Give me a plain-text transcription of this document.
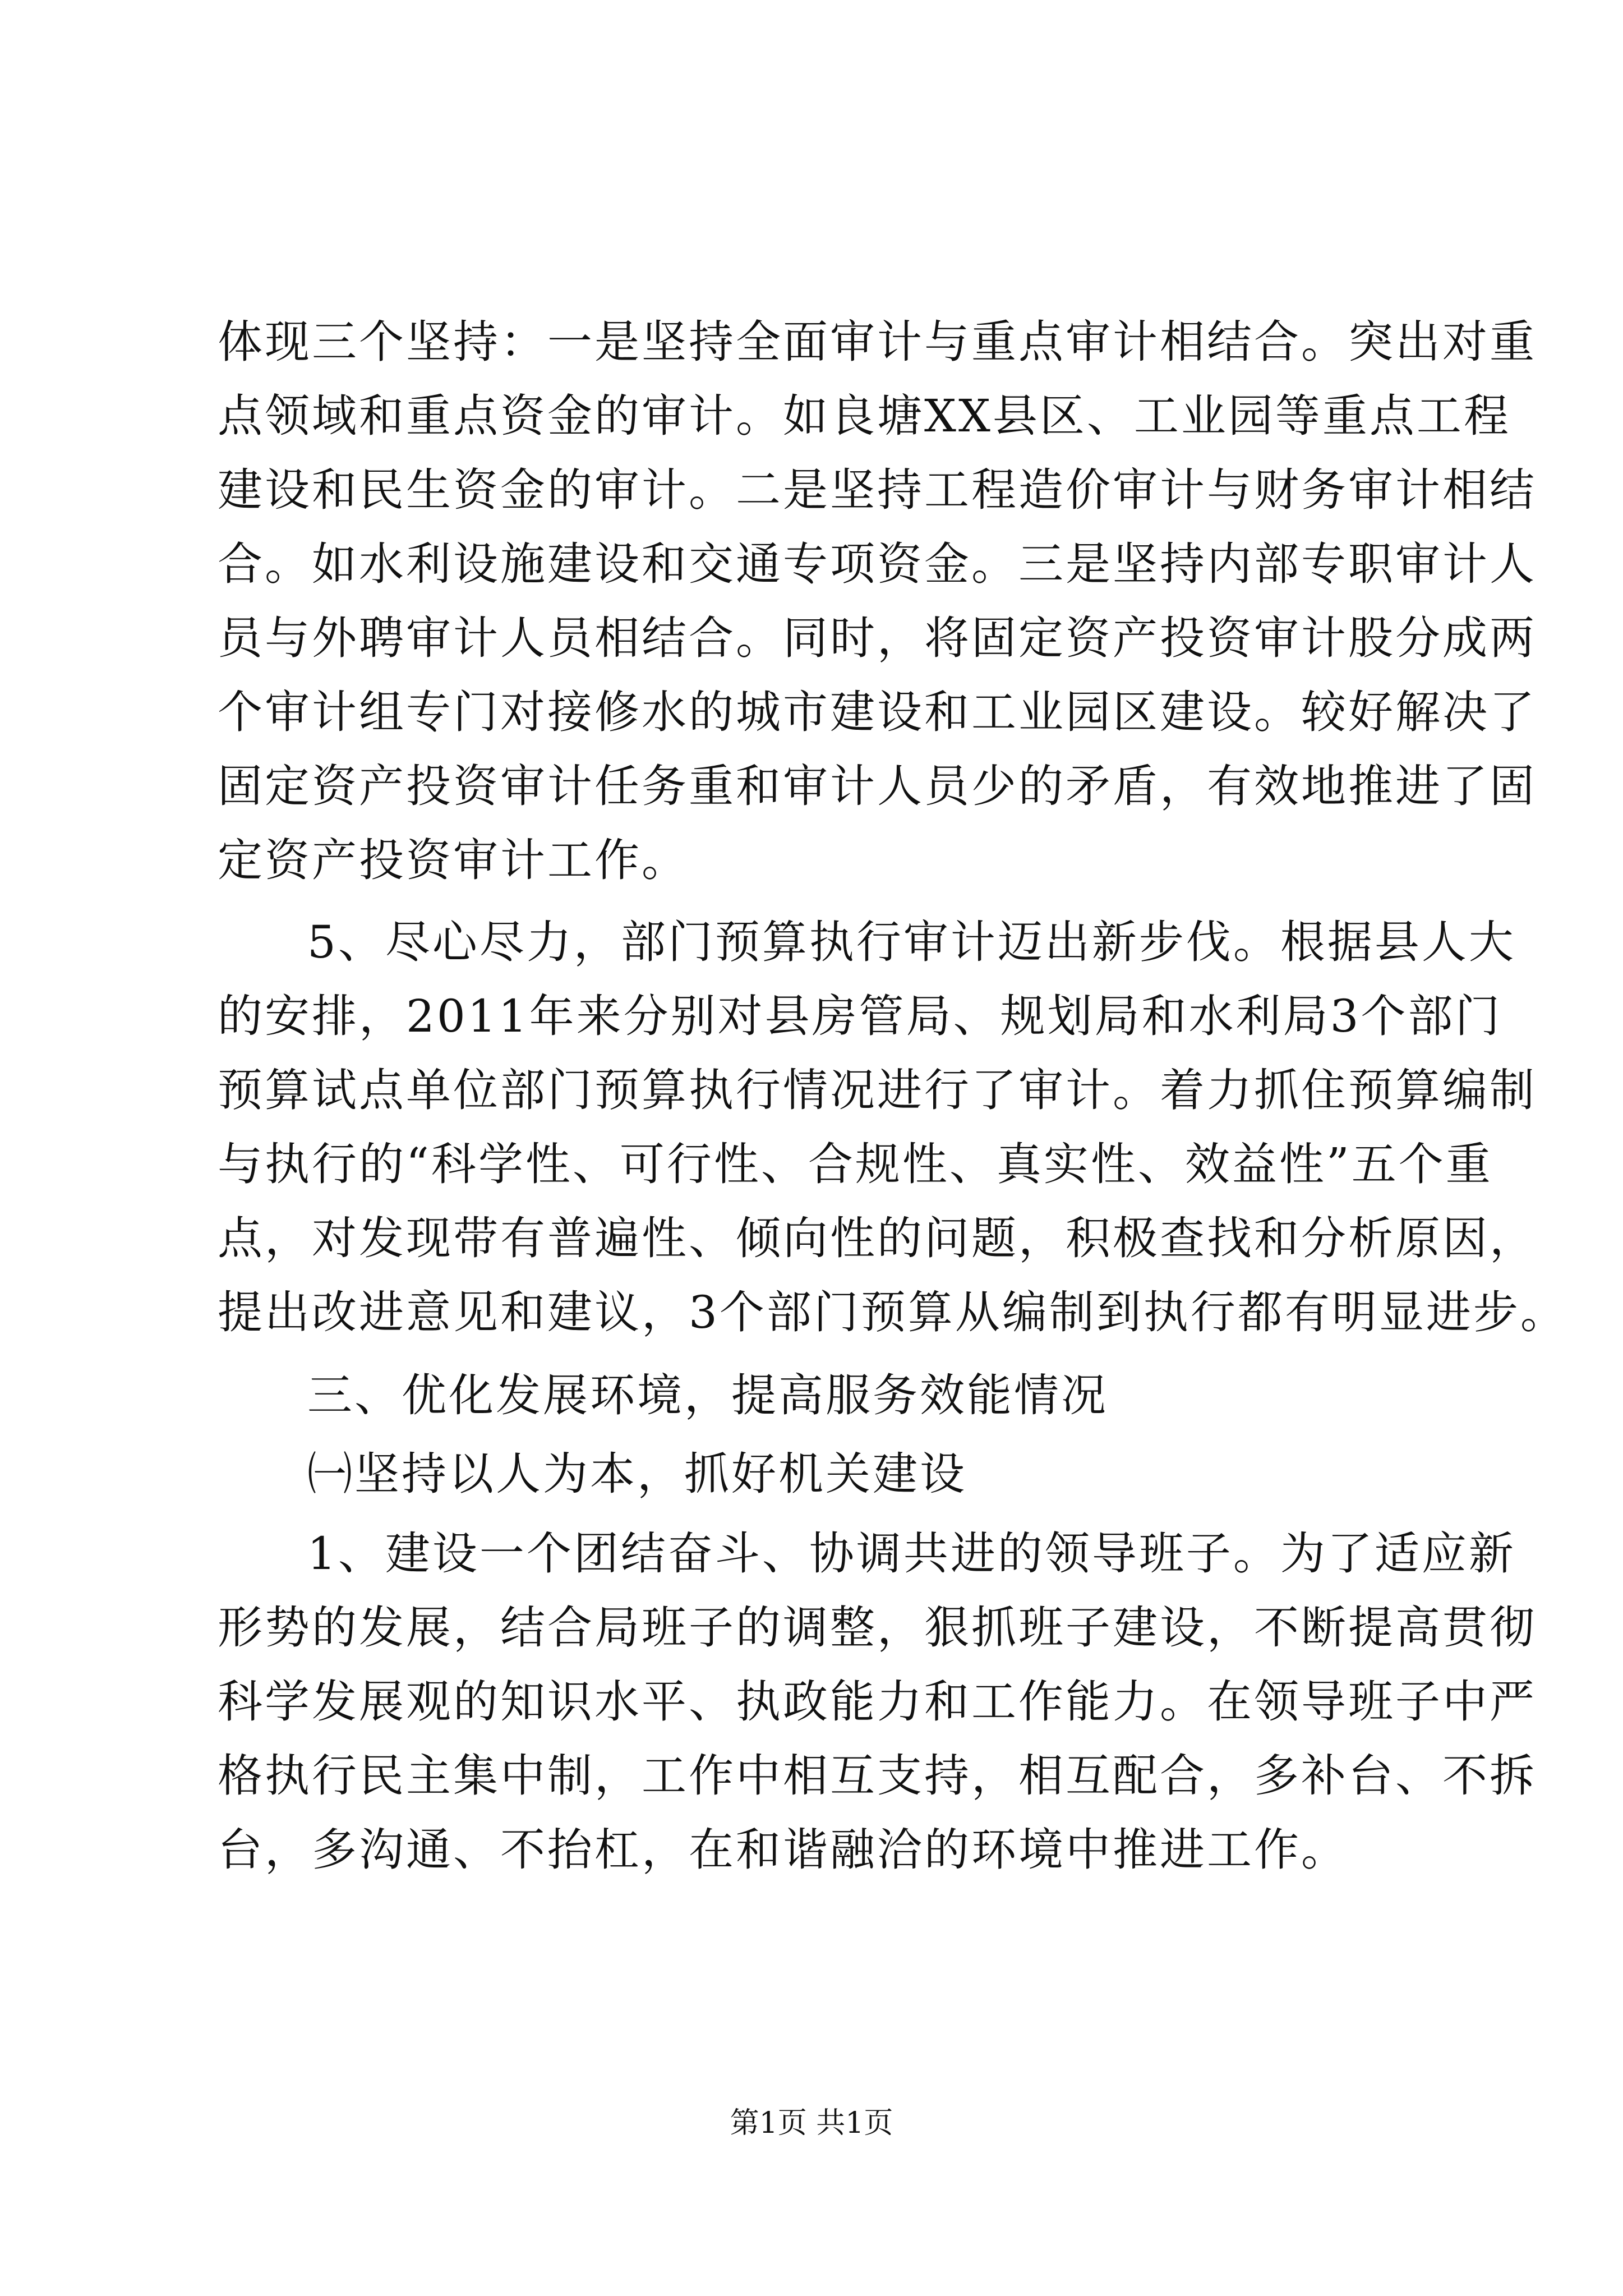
体现三个坚持：一是坚持全面审计与重点审计相结合。突出对重
点领域和重点资金的审计。如良塘XX县区、工业园等重点工程
建设和民生资金的审计。二是坚持工程造价审计与财务审计相结
合。如水利设施建设和交通专项资金。三是坚持内部专职审计人
员与外聘审计人员相结合。同时，将固定资产投资审计股分成两
个审计组专门对接修水的城市建设和工业园区建设。较好解决了
固定资产投资审计任务重和审计人员少的矛盾，有效地推进了固
定资产投资审计工作。
5、尽心尽力，部门预算执行审计迈出新步伐。根据县人大
的安排，2011年来分别对县房管局、规划局和水利局3个部门
预算试点单位部门预算执行情况进行了审计。着力抓住预算编制
与执行的“科学性、可行性、合规性、真实性、效益性”五个重
点，对发现带有普遍性、倾向性的问题，积极查找和分析原因，
提出改进意见和建议，3个部门预算从编制到执行都有明显进步。
三、优化发展环境，提高服务效能情况
㈠坚持以人为本，抓好机关建设
1、建设一个团结奋斗、协调共进的领导班子。为了适应新
形势的发展，结合局班子的调整，狠抓班子建设，不断提高贯彻
科学发展观的知识水平、执政能力和工作能力。在领导班子中严
格执行民主集中制，工作中相互支持，相互配合，多补台、不拆
台，多沟通、不抬杠，在和谐融洽的环境中推进工作。
第1页 共1页
